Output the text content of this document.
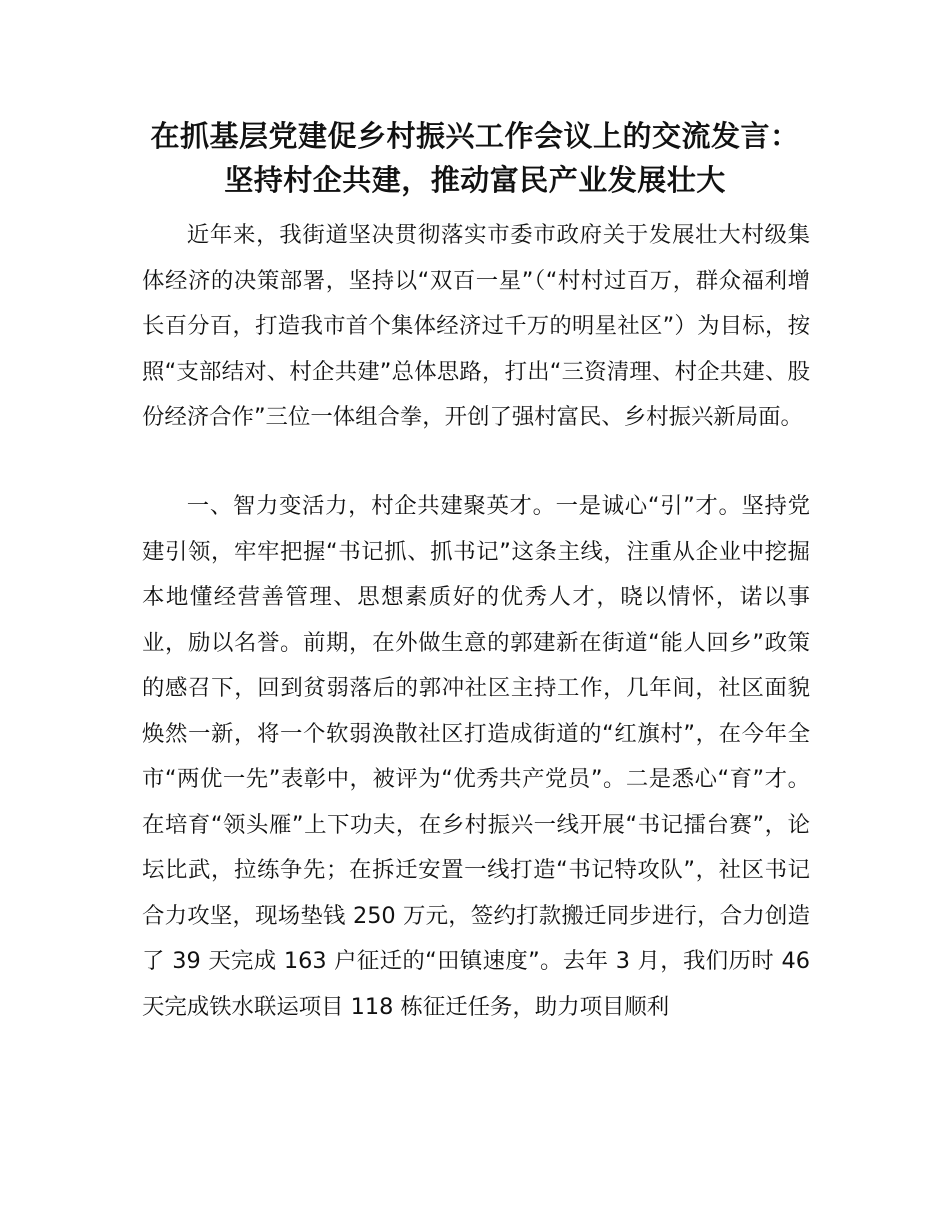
在抓基层党建促乡村振兴工作会议上的交流发言：坚持村企共建，推动富民产业发展壮大

近年来，我街道坚决贯彻落实市委市政府关于发展壮大村级集体经济的决策部署，坚持以“双百一星”（“村村过百万，群众福利增长百分百，打造我市首个集体经济过千万的明星社区”）为目标，按照“支部结对、村企共建”总体思路，打出“三资清理、村企共建、股份经济合作”三位一体组合拳，开创了强村富民、乡村振兴新局面。

一、智力变活力，村企共建聚英才。一是诚心“引”才。坚持党建引领，牢牢把握“书记抓、抓书记”这条主线，注重从企业中挖掘本地懂经营善管理、思想素质好的优秀人才，晓以情怀，诺以事业，励以名誉。前期，在外做生意的郭建新在街道“能人回乡”政策的感召下，回到贫弱落后的郭冲社区主持工作，几年间，社区面貌焕然一新，将一个软弱涣散社区打造成街道的“红旗村”，在今年全市“两优一先”表彰中，被评为“优秀共产党员”。二是悉心“育”才。在培育“领头雁”上下功夫，在乡村振兴一线开展“书记擂台赛”，论坛比武，拉练争先；在拆迁安置一线打造“书记特攻队”，社区书记合力攻坚，现场垫钱 250 万元，签约打款搬迁同步进行，合力创造了 39 天完成 163 户征迁的“田镇速度”。去年 3 月，我们历时 46 天完成铁水联运项目 118 栋征迁任务，助力项目顺利
